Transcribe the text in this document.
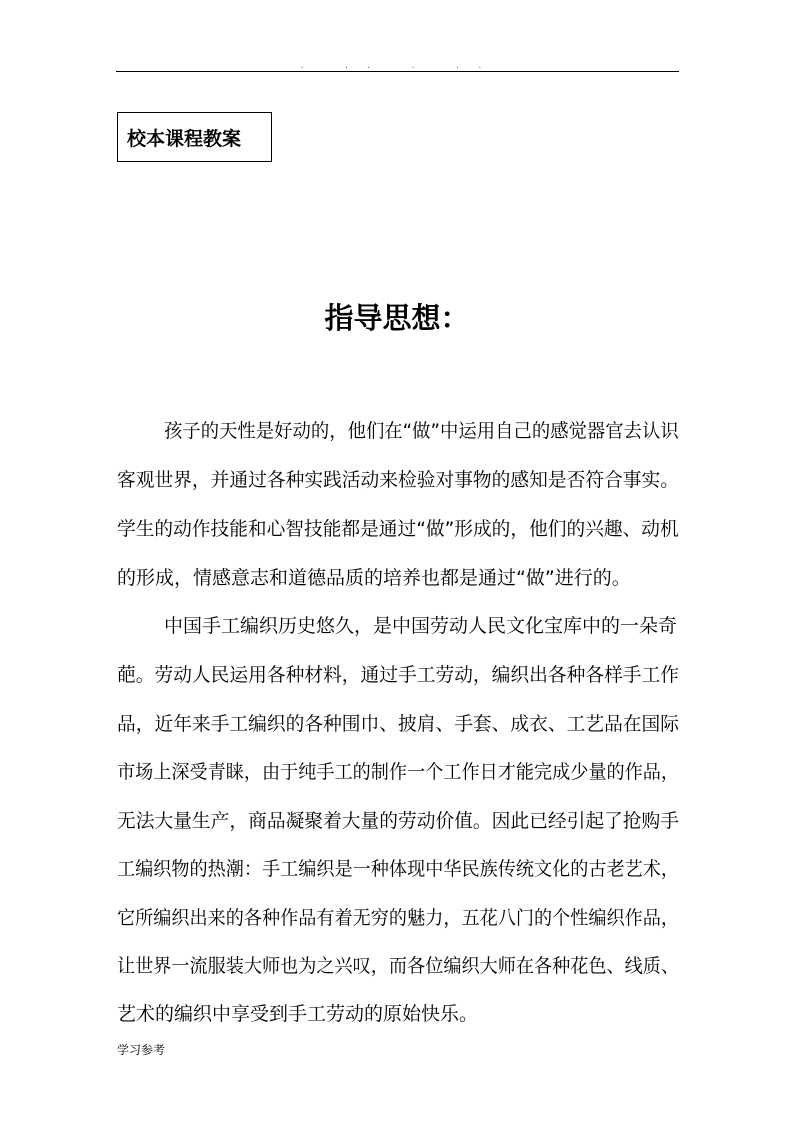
. .. . ..
校本课程教案
指导思想：
孩子的天性是好动的，他们在“做”中运用自己的感觉器官去认识
客观世界，并通过各种实践活动来检验对事物的感知是否符合事实。
学生的动作技能和心智技能都是通过“做”形成的，他们的兴趣、动机
的形成，情感意志和道德品质的培养也都是通过“做”进行的。
中国手工编织历史悠久，是中国劳动人民文化宝库中的一朵奇
葩。劳动人民运用各种材料，通过手工劳动，编织出各种各样手工作
品，近年来手工编织的各种围巾、披肩、手套、成衣、工艺品在国际
市场上深受青睐，由于纯手工的制作一个工作日才能完成少量的作品，
无法大量生产，商品凝聚着大量的劳动价值。因此已经引起了抢购手
工编织物的热潮：手工编织是一种体现中华民族传统文化的古老艺术，
它所编织出来的各种作品有着无穷的魅力，五花八门的个性编织作品，
让世界一流服装大师也为之兴叹，而各位编织大师在各种花色、线质、
艺术的编织中享受到手工劳动的原始快乐。
学习参考
